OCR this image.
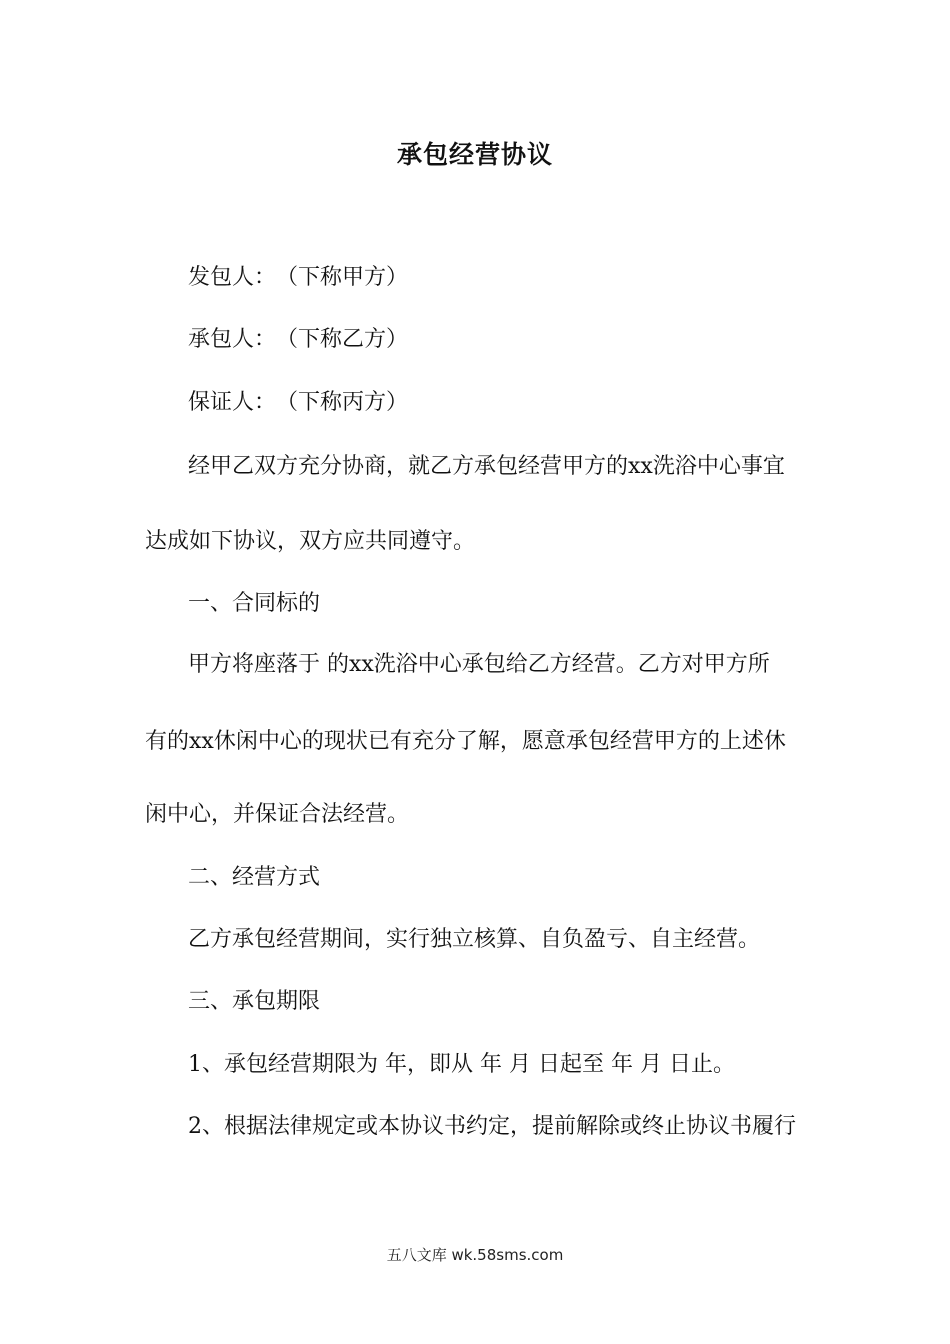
承包经营协议
发包人：　（下称甲方）
承包人：　（下称乙方）
保证人：　（下称丙方）
经甲乙双方充分协商，就乙方承包经营甲方的xx洗浴中心事宜
达成如下协议，双方应共同遵守。
一、合同标的
甲方将座落于 的xx洗浴中心承包给乙方经营。乙方对甲方所
有的xx休闲中心的现状已有充分了解，愿意承包经营甲方的上述休
闲中心，并保证合法经营。
二、经营方式
乙方承包经营期间，实行独立核算、自负盈亏、自主经营。
三、承包期限
1、承包经营期限为 年，即从 年 月 日起至 年 月 日止。
2、根据法律规定或本协议书约定，提前解除或终止协议书履行
五八文库 wk.58sms.com
